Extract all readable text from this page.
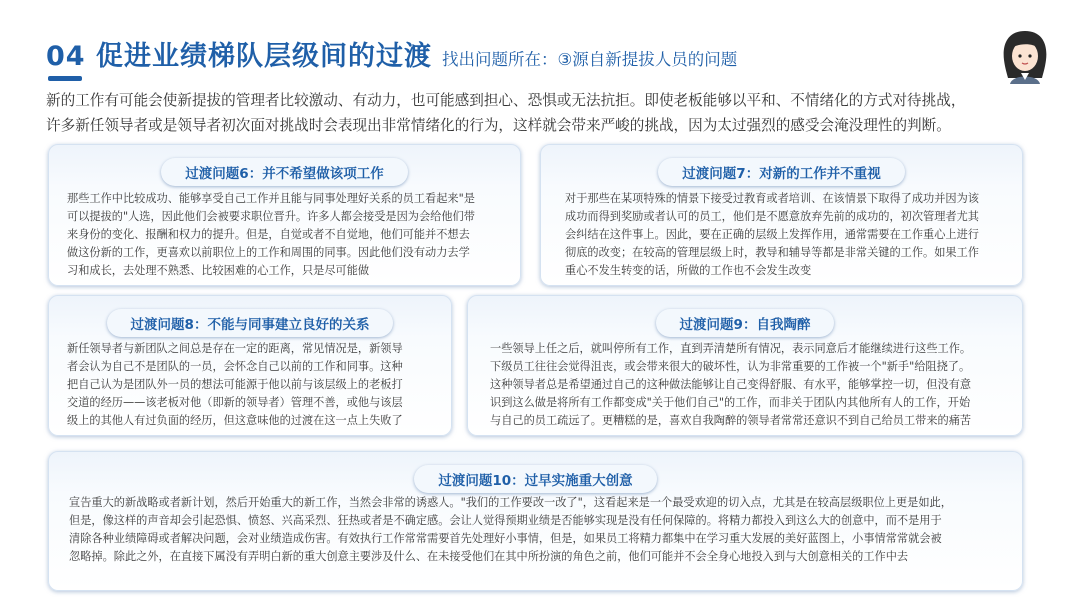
04 促进业绩梯队层级间的过渡 找出问题所在：③源自新提拔人员的问题

新的工作有可能会使新提拔的管理者比较激动、有动力，也可能感到担心、恐惧或无法抗拒。即使老板能够以平和、不情绪化的方式对待挑战，

许多新任领导者或是领导者初次面对挑战时会表现出非常情绪化的行为，这样就会带来严峻的挑战，因为太过强烈的感受会淹没理性的判断。

过渡问题6：并不希望做该项工作

那些工作中比较成功、能够享受自己工作并且能与同事处理好关系的员工看起来"是

可以提拔的"人选，因此他们会被要求职位晋升。许多人都会接受是因为会给他们带

来身份的变化、报酬和权力的提升。但是，自觉或者不自觉地，他们可能并不想去

做这份新的工作，更喜欢以前职位上的工作和周围的同事。因此他们没有动力去学

习和成长，去处理不熟悉、比较困难的心工作，只是尽可能做

过渡问题7：对新的工作并不重视

对于那些在某项特殊的情景下接受过教育或者培训、在该情景下取得了成功并因为该

成功而得到奖励或者认可的员工，他们是不愿意放弃先前的成功的，初次管理者尤其

会纠结在这件事上。因此，要在正确的层级上发挥作用，通常需要在工作重心上进行

彻底的改变；在较高的管理层级上时，教导和辅导等都是非常关键的工作。如果工作

重心不发生转变的话，所做的工作也不会发生改变

过渡问题8：不能与同事建立良好的关系

新任领导者与新团队之间总是存在一定的距离，常见情况是，新领导

者会认为自己不是团队的一员，会怀念自己以前的工作和同事。这种

把自己认为是团队外一员的想法可能源于他以前与该层级上的老板打

交道的经历——该老板对他（即新的领导者）管理不善，或他与该层

级上的其他人有过负面的经历，但这意味他的过渡在这一点上失败了

过渡问题9：自我陶醉

一些领导上任之后，就叫停所有工作，直到弄清楚所有情况，表示同意后才能继续进行这些工作。

下级员工往往会觉得沮丧，或会带来很大的破坏性，认为非常重要的工作被一个"新手"给阻挠了。

这种领导者总是希望通过自己的这种做法能够让自己变得舒服、有水平，能够掌控一切，但没有意

识到这么做是将所有工作都变成"关于他们自己"的工作，而非关于团队内其他所有人的工作，开始

与自己的员工疏远了。更糟糕的是，喜欢自我陶醉的领导者常常还意识不到自己给员工带来的痛苦

过渡问题10：过早实施重大创意

宣告重大的新战略或者新计划，然后开始重大的新工作，当然会非常的诱惑人。"我们的工作要改一改了"，这看起来是一个最受欢迎的切入点，尤其是在较高层级职位上更是如此，

但是，像这样的声音却会引起恐惧、愤怒、兴高采烈、狂热或者是不确定感。会让人觉得预期业绩是否能够实现是没有任何保障的。将精力都投入到这么大的创意中，而不是用于

清除各种业绩障碍或者解决问题，会对业绩造成伤害。有效执行工作常常需要首先处理好小事情，但是，如果员工将精力都集中在学习重大发展的美好蓝图上，小事情常常就会被

忽略掉。除此之外，在直接下属没有弄明白新的重大创意主要涉及什么、在未接受他们在其中所扮演的角色之前，他们可能并不会全身心地投入到与大创意相关的工作中去
